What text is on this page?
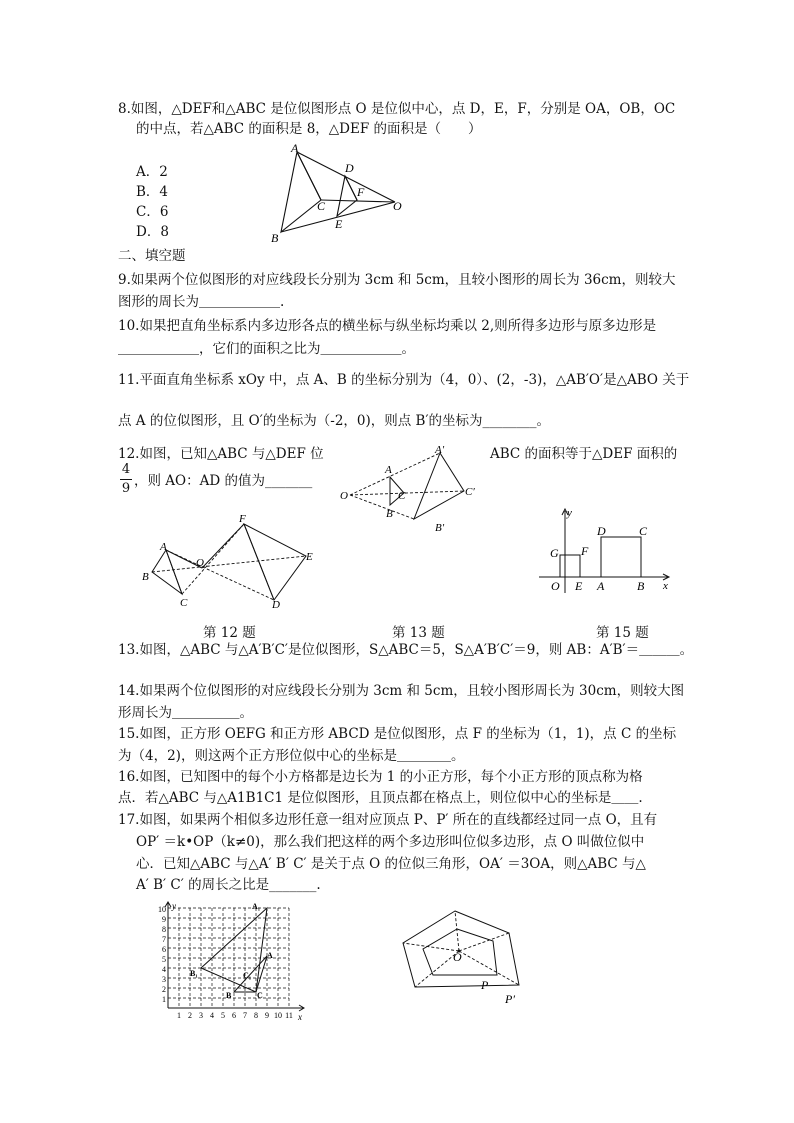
8.如图，△DEF和△ABC 是位似图形点 O 是位似中心，点 D，E，F，分别是 OA，OB，OC
的中点，若△ABC 的面积是 8，△DEF 的面积是（　　）
A．2
B．4
C．6
D．8
A
B
C
D
E
F
O
二、填空题
9.如果两个位似图形的对应线段长分别为 3cm 和 5cm，且较小图形的周长为 36cm，则较大
图形的周长为＿＿＿＿＿＿.
10.如果把直角坐标系内多边形各点的横坐标与纵坐标均乘以 2,则所得多边形与原多边形是
＿＿＿＿＿＿，它们的面积之比为＿＿＿＿＿＿。
11.平面直角坐标系 xOy 中，点 A、B 的坐标分别为（4，0）、(2，-3)，△AB′O′是△ABO 关于
点 A 的位似图形，且 O′的坐标为（-2，0)，则点 B′的坐标为________。
12.如图，已知△ABC 与△DEF 位	ABC 的面积等于△DEF 面积的
4
9 ，则 AO：AD 的值为_______
A′
A
O
B
C	C′
B′
A
B
C
O
D
E
F	y
x
O E A	B
G F
D	C
第 12 题	第 13 题	第 15 题
13.如图，△ABC 与△A′B′C′是位似图形，S△ABC＝5，S△A′B′C′＝9，则 AB：A′B′＝＿＿＿。
14.如果两个位似图形的对应线段长分别为 3cm 和 5cm，且较小图形周长为 30cm，则较大图
形周长为＿＿＿＿＿。
15.如图，正方形 OEFG 和正方形 ABCD 是位似图形，点 F 的坐标为（1，1)，点 C 的坐标
为（4，2)，则这两个正方形位似中心的坐标是＿＿＿＿。
16.如图，已知图中的每个小方格都是边长为 1 的小正方形，每个小正方形的顶点称为格
点．若△ABC 与△A1B1C1 是位似图形，且顶点都在格点上，则位似中心的坐标是＿＿.
17.如图，如果两个相似多边形任意一组对应顶点 P、P′ 所在的直线都经过同一点 O，且有
OP′ ＝k•OP（k≠0)，那么我们把这样的两个多边形叫位似多边形，点 O 叫做位似中
心．已知△ABC 与△A′ B′ C′ 是关于点 O 的位似三角形，OA′ ＝3OA，则△ABC 与△
A′ B′ C′ 的周长之比是_______.
y
x
A₁
A
B₁
B
C₁
C
10
9
8
7
6
5
4
3
2
1
1 2 3 4 5 6 7 8 9 10 11
O
P
P′
